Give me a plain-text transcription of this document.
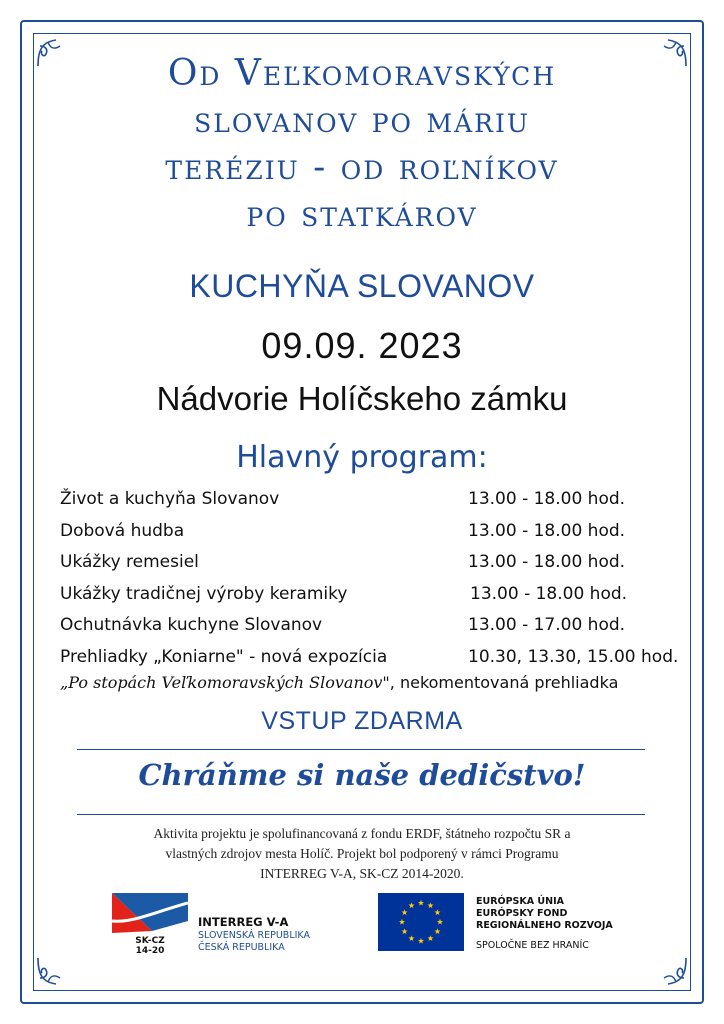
Od Veľkomoravských
slovanov po máriu
teréziu - od roľníkov
po statkárov
KUCHYŇA SLOVANOV
09.09. 2023
Nádvorie Holíčskeho zámku
Hlavný program:
Život a kuchyňa Slovanov	13.00 - 18.00 hod.
Dobová hudba	13.00 - 18.00 hod.
Ukážky remesiel	13.00 - 18.00 hod.
Ukážky tradičnej výroby keramiky	13.00 - 18.00 hod.
Ochutnávka kuchyne Slovanov	13.00 - 17.00 hod.
Prehliadky „Koniarne" - nová expozícia	10.30, 13.30, 15.00 hod.
„Po stopách Veľkomoravských Slovanov", nekomentovaná prehliadka
VSTUP ZDARMA
Chráňme si naše dedičstvo!
Aktivita projektu je spolufinancovaná z fondu ERDF, štátneho rozpočtu SR a
vlastných zdrojov mesta Holíč. Projekt bol podporený v rámci Programu
INTERREG V-A, SK-CZ 2014-2020.
SK-CZ
14-20
INTERREG V-A
SLOVENSKÁ REPUBLIKA
ČESKÁ REPUBLIKA
EURÓPSKA ÚNIA
EURÓPSKY FOND
REGIONÁLNEHO ROZVOJA
SPOLOČNE BEZ HRANÍC
